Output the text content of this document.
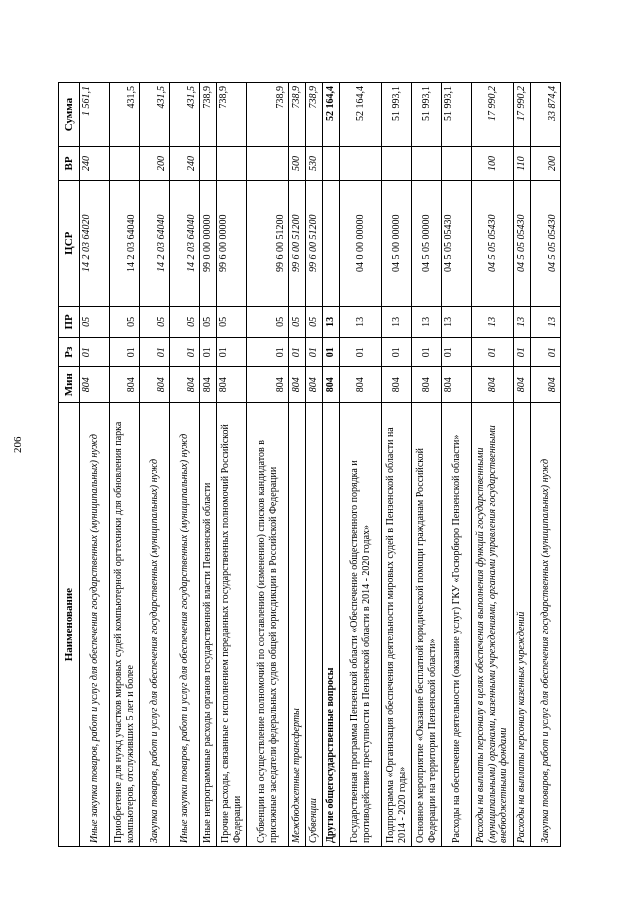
206
Наименование	Мин	Рз	ПР	ЦСР	ВР	Сумма
Иные закупка товаров, работ и услуг для обеспечения государственных (муниципальных) нужд	804	01	05	14 2 03 64020	240	1 561,1
Приобретение для нужд участков мировых судей компьютерной оргтехники для обновления парка компьютеров, отслуживших 5 лет и более	804	01	05	14 2 03 64040		431,5
Закупка товаров, работ и услуг для обеспечения государственных (муниципальных) нужд	804	01	05	14 2 03 64040	200	431,5
Иные закупки товаров, работ и услуг для обеспечения государственных (муниципальных) нужд	804	01	05	14 2 03 64040	240	431,5
Иные непрограммные расходы органов государственной власти Пензенской области	804	01	05	99 0 00 00000		738,9
Прочие расходы, связанные с исполнением переданных государственных полномочий Российской Федерации	804	01	05	99 6 00 00000		738,9
Субвенции на осуществление полномочий по составлению (изменению) списков кандидатов в присяжные заседатели федеральных судов общей юрисдикции в Российской Федерации	804	01	05	99 6 00 51200		738,9
Межбюджетные трансферты	804	01	05	99 6 00 51200	500	738,9
Субвенции	804	01	05	99 6 00 51200	530	738,9
Другие общегосударственные вопросы	804	01	13			52 164,4
Государственная программа Пензенской области «Обеспечение общественного порядка и противодействие преступности в Пензенской области в 2014 - 2020 годах»	804	01	13	04 0 00 00000		52 164,4
Подпрограмма «Организация обеспечения деятельности мировых судей в Пензенской области на 2014 - 2020 годы»	804	01	13	04 5 00 00000		51 993,1
Основное мероприятие «Оказание бесплатной юридической помощи гражданам Российской Федерации на территории Пензенской области»	804	01	13	04 5 05 00000		51 993,1
Расходы на обеспечение деятельности (оказание услуг) ГКУ «Госюрбюро Пензенской области»	804	01	13	04 5 05 05430		51 993,1
Расходы на выплаты персоналу в целях обеспечения выполнения функций государственными (муниципальными) органами, казенными учреждениями, органами управления государственными внебюджетными фондами	804	01	13	04 5 05 05430	100	17 990,2
Расходы на выплаты персоналу казенных учреждений	804	01	13	04 5 05 05430	110	17 990,2
Закупка товаров, работ и услуг для обеспечения государственных (муниципальных) нужд	804	01	13	04 5 05 05430	200	33 874,4
